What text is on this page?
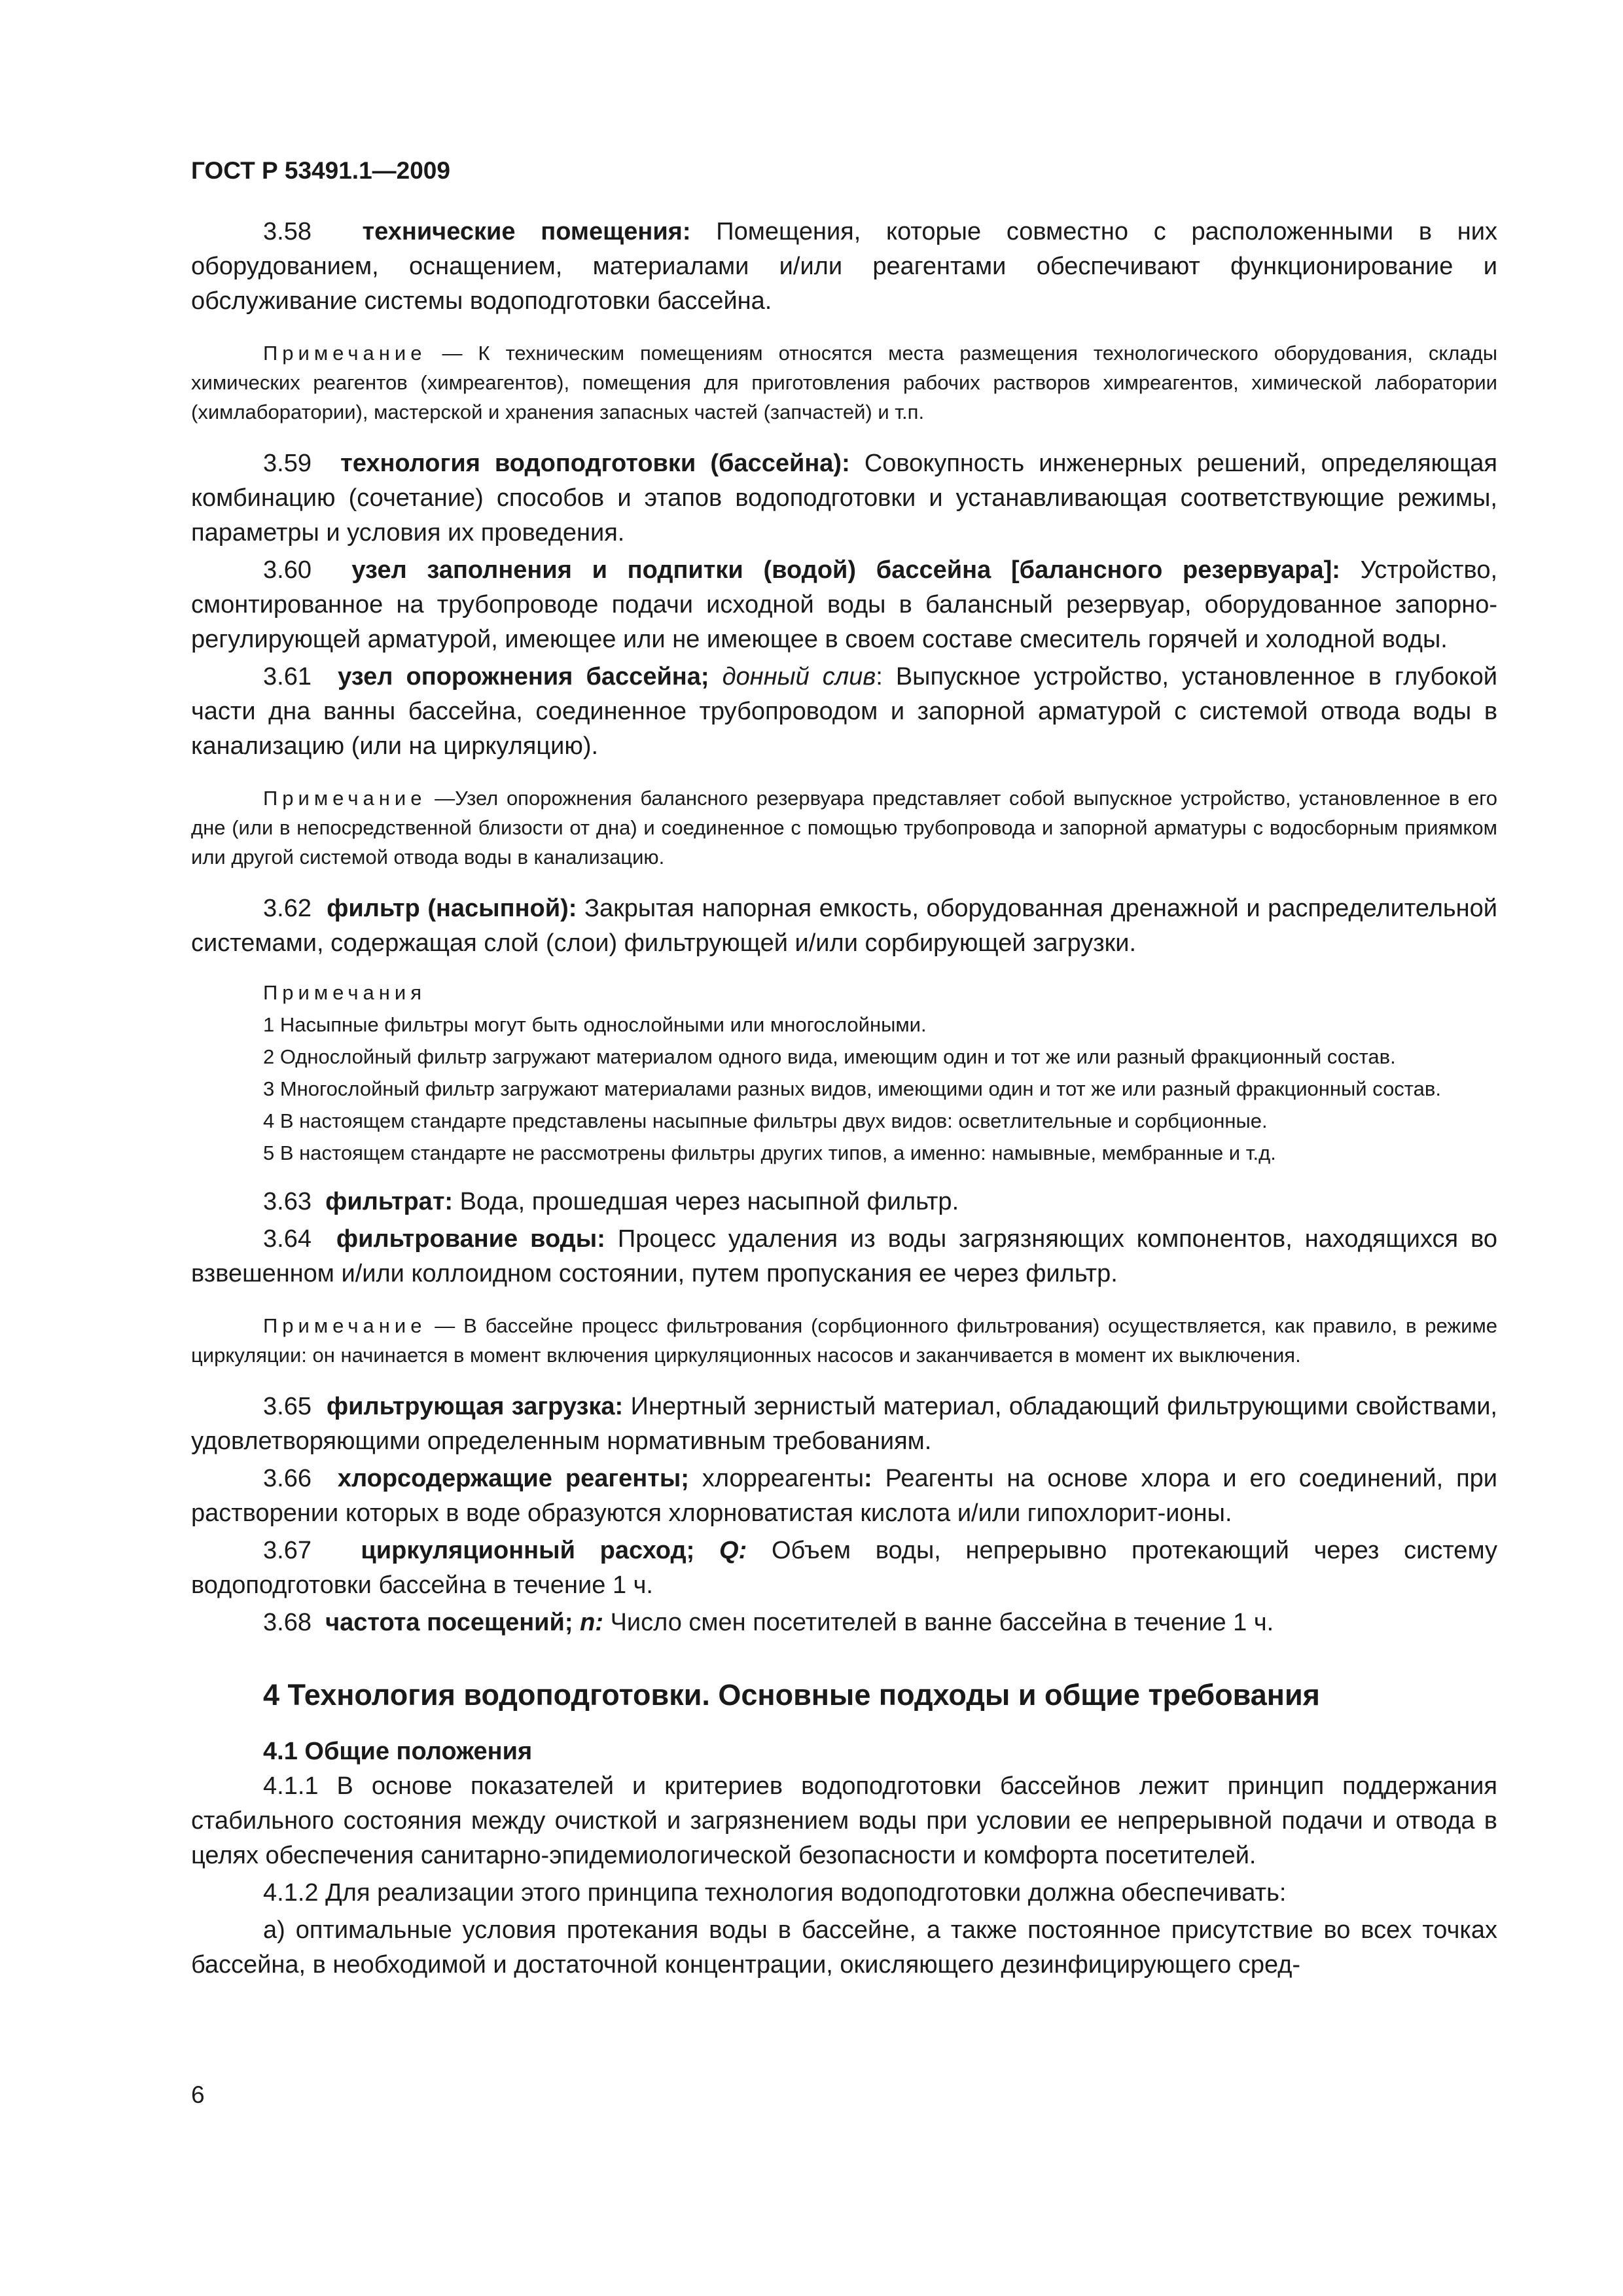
ГОСТ Р 53491.1—2009

3.58 технические помещения: Помещения, которые совместно с расположенными в них оборудованием, оснащением, материалами и/или реагентами обеспечивают функционирование и обслуживание системы водоподготовки бассейна.

Примечание — К техническим помещениям относятся места размещения технологического оборудования, склады химических реагентов (химреагентов), помещения для приготовления рабочих растворов химреагентов, химической лаборатории (химлаборатории), мастерской и хранения запасных частей (запчастей) и т.п.

3.59 технология водоподготовки (бассейна): Совокупность инженерных решений, определяющая комбинацию (сочетание) способов и этапов водоподготовки и устанавливающая соответствующие режимы, параметры и условия их проведения.

3.60 узел заполнения и подпитки (водой) бассейна [балансного резервуара]: Устройство, смонтированное на трубопроводе подачи исходной воды в балансный резервуар, оборудованное запорно-регулирующей арматурой, имеющее или не имеющее в своем составе смеситель горячей и холодной воды.

3.61 узел опорожнения бассейна; донный слив: Выпускное устройство, установленное в глубокой части дна ванны бассейна, соединенное трубопроводом и запорной арматурой с системой отвода воды в канализацию (или на циркуляцию).

Примечание —Узел опорожнения балансного резервуара представляет собой выпускное устройство, установленное в его дне (или в непосредственной близости от дна) и соединенное с помощью трубопровода и запорной арматуры с водосборным приямком или другой системой отвода воды в канализацию.

3.62 фильтр (насыпной): Закрытая напорная емкость, оборудованная дренажной и распределительной системами, содержащая слой (слои) фильтрующей и/или сорбирующей загрузки.

Примечания
1 Насыпные фильтры могут быть однослойными или многослойными.
2 Однослойный фильтр загружают материалом одного вида, имеющим один и тот же или разный фракционный состав.
3 Многослойный фильтр загружают материалами разных видов, имеющими один и тот же или разный фракционный состав.
4 В настоящем стандарте представлены насыпные фильтры двух видов: осветлительные и сорбционные.
5 В настоящем стандарте не рассмотрены фильтры других типов, а именно: намывные, мембранные и т.д.

3.63 фильтрат: Вода, прошедшая через насыпной фильтр.

3.64 фильтрование воды: Процесс удаления из воды загрязняющих компонентов, находящихся во взвешенном и/или коллоидном состоянии, путем пропускания ее через фильтр.

Примечание — В бассейне процесс фильтрования (сорбционного фильтрования) осуществляется, как правило, в режиме циркуляции: он начинается в момент включения циркуляционных насосов и заканчивается в момент их выключения.

3.65 фильтрующая загрузка: Инертный зернистый материал, обладающий фильтрующими свойствами, удовлетворяющими определенным нормативным требованиям.

3.66 хлорсодержащие реагенты; хлорреагенты: Реагенты на основе хлора и его соединений, при растворении которых в воде образуются хлорноватистая кислота и/или гипохлорит-ионы.

3.67 циркуляционный расход; Q: Объем воды, непрерывно протекающий через систему водоподготовки бассейна в течение 1 ч.

3.68 частота посещений; n: Число смен посетителей в ванне бассейна в течение 1 ч.

4 Технология водоподготовки. Основные подходы и общие требования

4.1 Общие положения

4.1.1 В основе показателей и критериев водоподготовки бассейнов лежит принцип поддержания стабильного состояния между очисткой и загрязнением воды при условии ее непрерывной подачи и отвода в целях обеспечения санитарно-эпидемиологической безопасности и комфорта посетителей.

4.1.2 Для реализации этого принципа технология водоподготовки должна обеспечивать:

а) оптимальные условия протекания воды в бассейне, а также постоянное присутствие во всех точках бассейна, в необходимой и достаточной концентрации, окисляющего дезинфицирующего сред-

6
